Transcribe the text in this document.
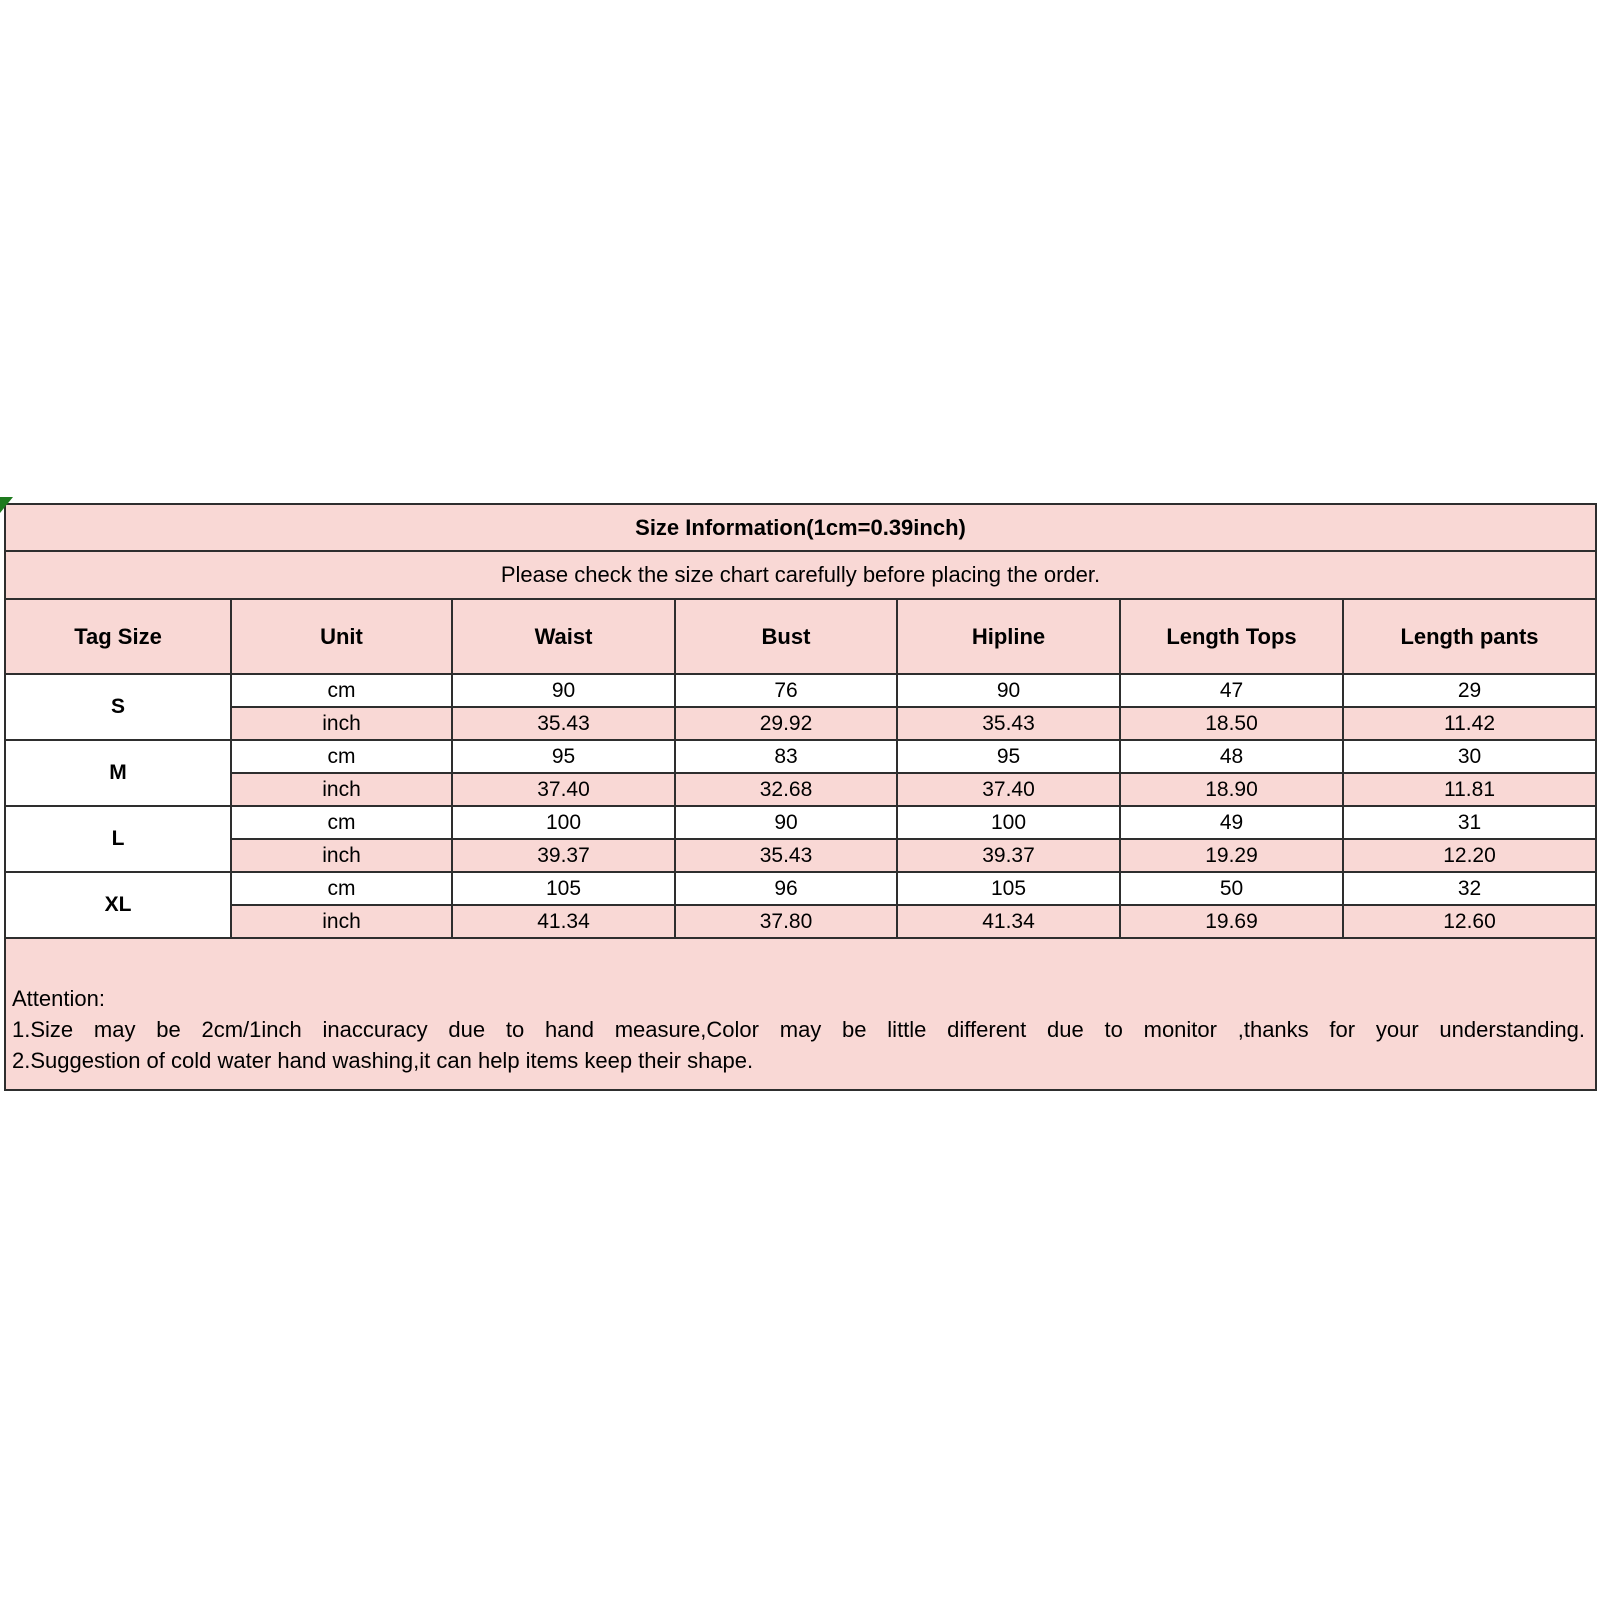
Size Information(1cm=0.39inch)						
Please check the size chart carefully before placing the order.						
Tag Size	Unit	Waist	Bust	Hipline	Length Tops	Length pants
S	cm	90	76	90	47	29
	inch	35.43	29.92	35.43	18.50	11.42
M	cm	95	83	95	48	30
	inch	37.40	32.68	37.40	18.90	11.81
L	cm	100	90	100	49	31
	inch	39.37	35.43	39.37	19.29	12.20
XL	cm	105	96	105	50	32
	inch	41.34	37.80	41.34	19.69	12.60

Attention:
1.Size may be 2cm/1inch inaccuracy due to hand measure,Color may be little different due to monitor ,thanks for your understanding.
2.Suggestion of cold water hand washing,it can help items keep their shape.						
